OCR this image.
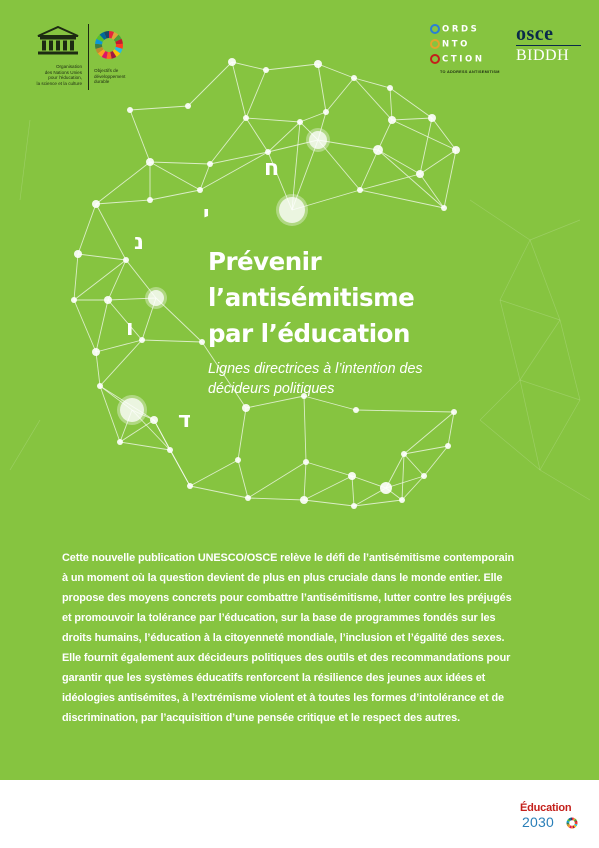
Organisation
des Nations Unies
pour l’éducation,
la science et la culture
Objectifs de
développement
durable
ORDS
NTO
CTION
TO ADDRESS ANTISEMITISM
osce
BIDDH
ח
י
נ
ו
ד
Prévenir
l’antisémitisme
par l’éducation
Lignes directrices à l’intention des
décideurs politiques
Cette nouvelle publication UNESCO/OSCE relève le défi de l’antisémitisme contemporain
à un moment où la question devient de plus en plus cruciale dans le monde entier. Elle
propose des moyens concrets pour combattre l’antisémitisme, lutter contre les préjugés
et promouvoir la tolérance par l’éducation, sur la base de programmes fondés sur les
droits humains, l’éducation à la citoyenneté mondiale, l’inclusion et l’égalité des sexes.
Elle fournit également aux décideurs politiques des outils et des recommandations pour
garantir que les systèmes éducatifs renforcent la résilience des jeunes aux idées et
idéologies antisémites, à l’extrémisme violent et à toutes les formes d’intolérance et de
discrimination, par l’acquisition d’une pensée critique et le respect des autres.
Éducation
2030
